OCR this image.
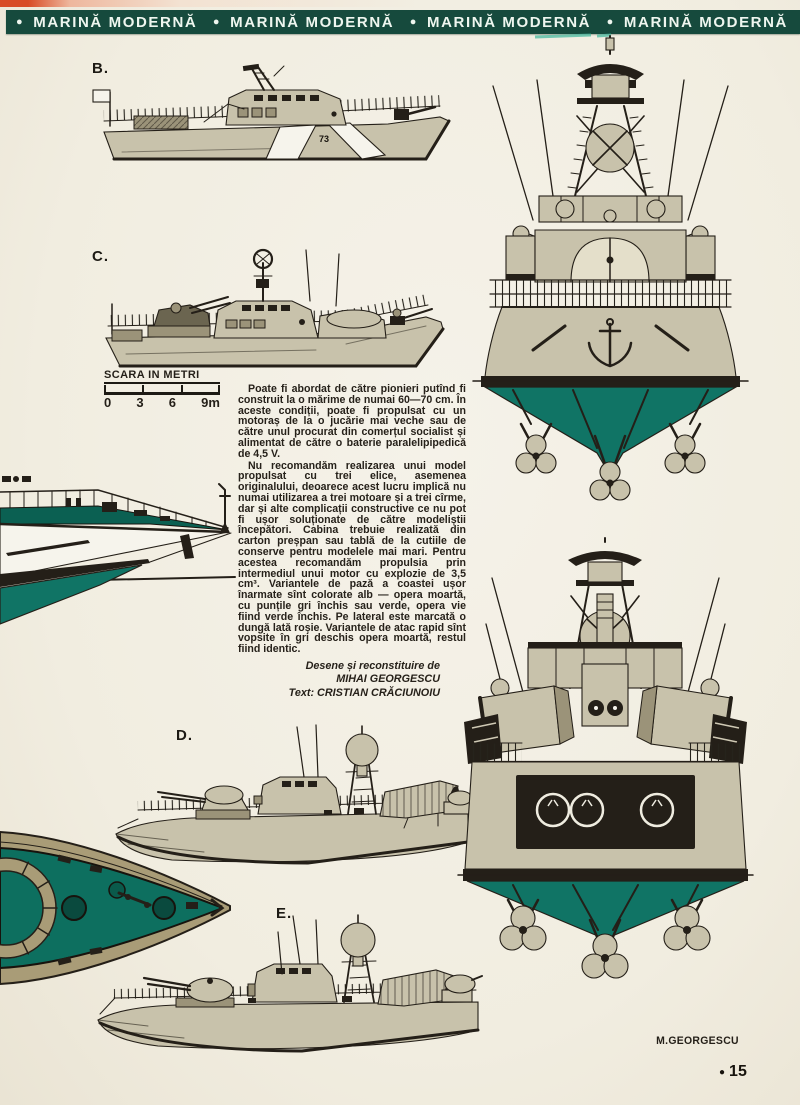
● MARINĂ MODERNĂ ● MARINĂ MODERNĂ ● MARINĂ MODERNĂ ● MARINĂ MODERNĂ
B.
C.
D.
E.
73
SCARA IN METRI
0 3 6 9m

Poate fi abordat de către pionieri putînd fi construit la o mărime de numai 60—70 cm. În aceste condiții, poate fi propulsat cu un motoraș de la o jucărie mai veche sau de către unul procurat din comerțul socialist și alimentat de către o baterie paralelipipedică de 4,5 V.

Nu recomandăm realizarea unui model propulsat cu trei elice, asemenea originalului, deoarece acest lucru implică nu numai utilizarea a trei motoare și a trei cîrme, dar și alte complicații constructive ce nu pot fi ușor soluționate de către modeliștii începători. Cabina trebuie realizată din carton preșpan sau tablă de la cutiile de conserve pentru modelele mai mari. Pentru acestea recomandăm propulsia prin intermediul unui motor cu explozie de 3,5 cm³. Variantele de pază a coastei ușor înarmate sînt colorate alb — opera moartă, cu punțile gri închis sau verde, opera vie fiind verde închis. Pe lateral este marcată o dungă lată roșie. Variantele de atac rapid sînt vopsite în gri deschis opera moartă, restul fiind identic.

Desene și reconstituire de
MIHAI GEORGESCU
Text: CRISTIAN CRĂCIUNOIU
M.GEORGESCU
● 15
